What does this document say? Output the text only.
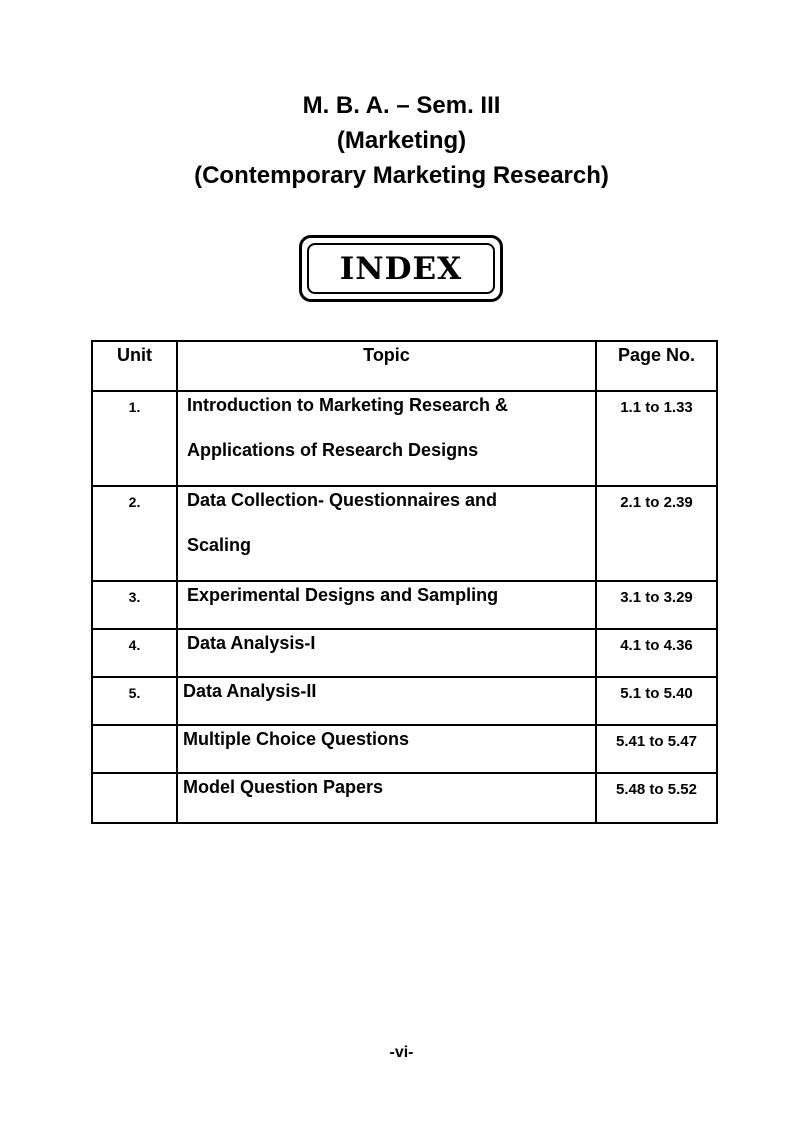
M. B. A. – Sem. III
(Marketing)
(Contemporary Marketing Research)
INDEX
Unit	Topic	Page No.
1.	Introduction to Marketing Research &
Applications of Research Designs	1.1 to 1.33
2.	Data Collection- Questionnaires and
Scaling	2.1 to 2.39
3.	Experimental Designs and Sampling	3.1 to 3.29
4.	Data Analysis-I	4.1 to 4.36
5.	Data Analysis-II	5.1 to 5.40

	Multiple Choice Questions	5.41 to 5.47

	Model Question Papers	5.48 to 5.52
-vi-
